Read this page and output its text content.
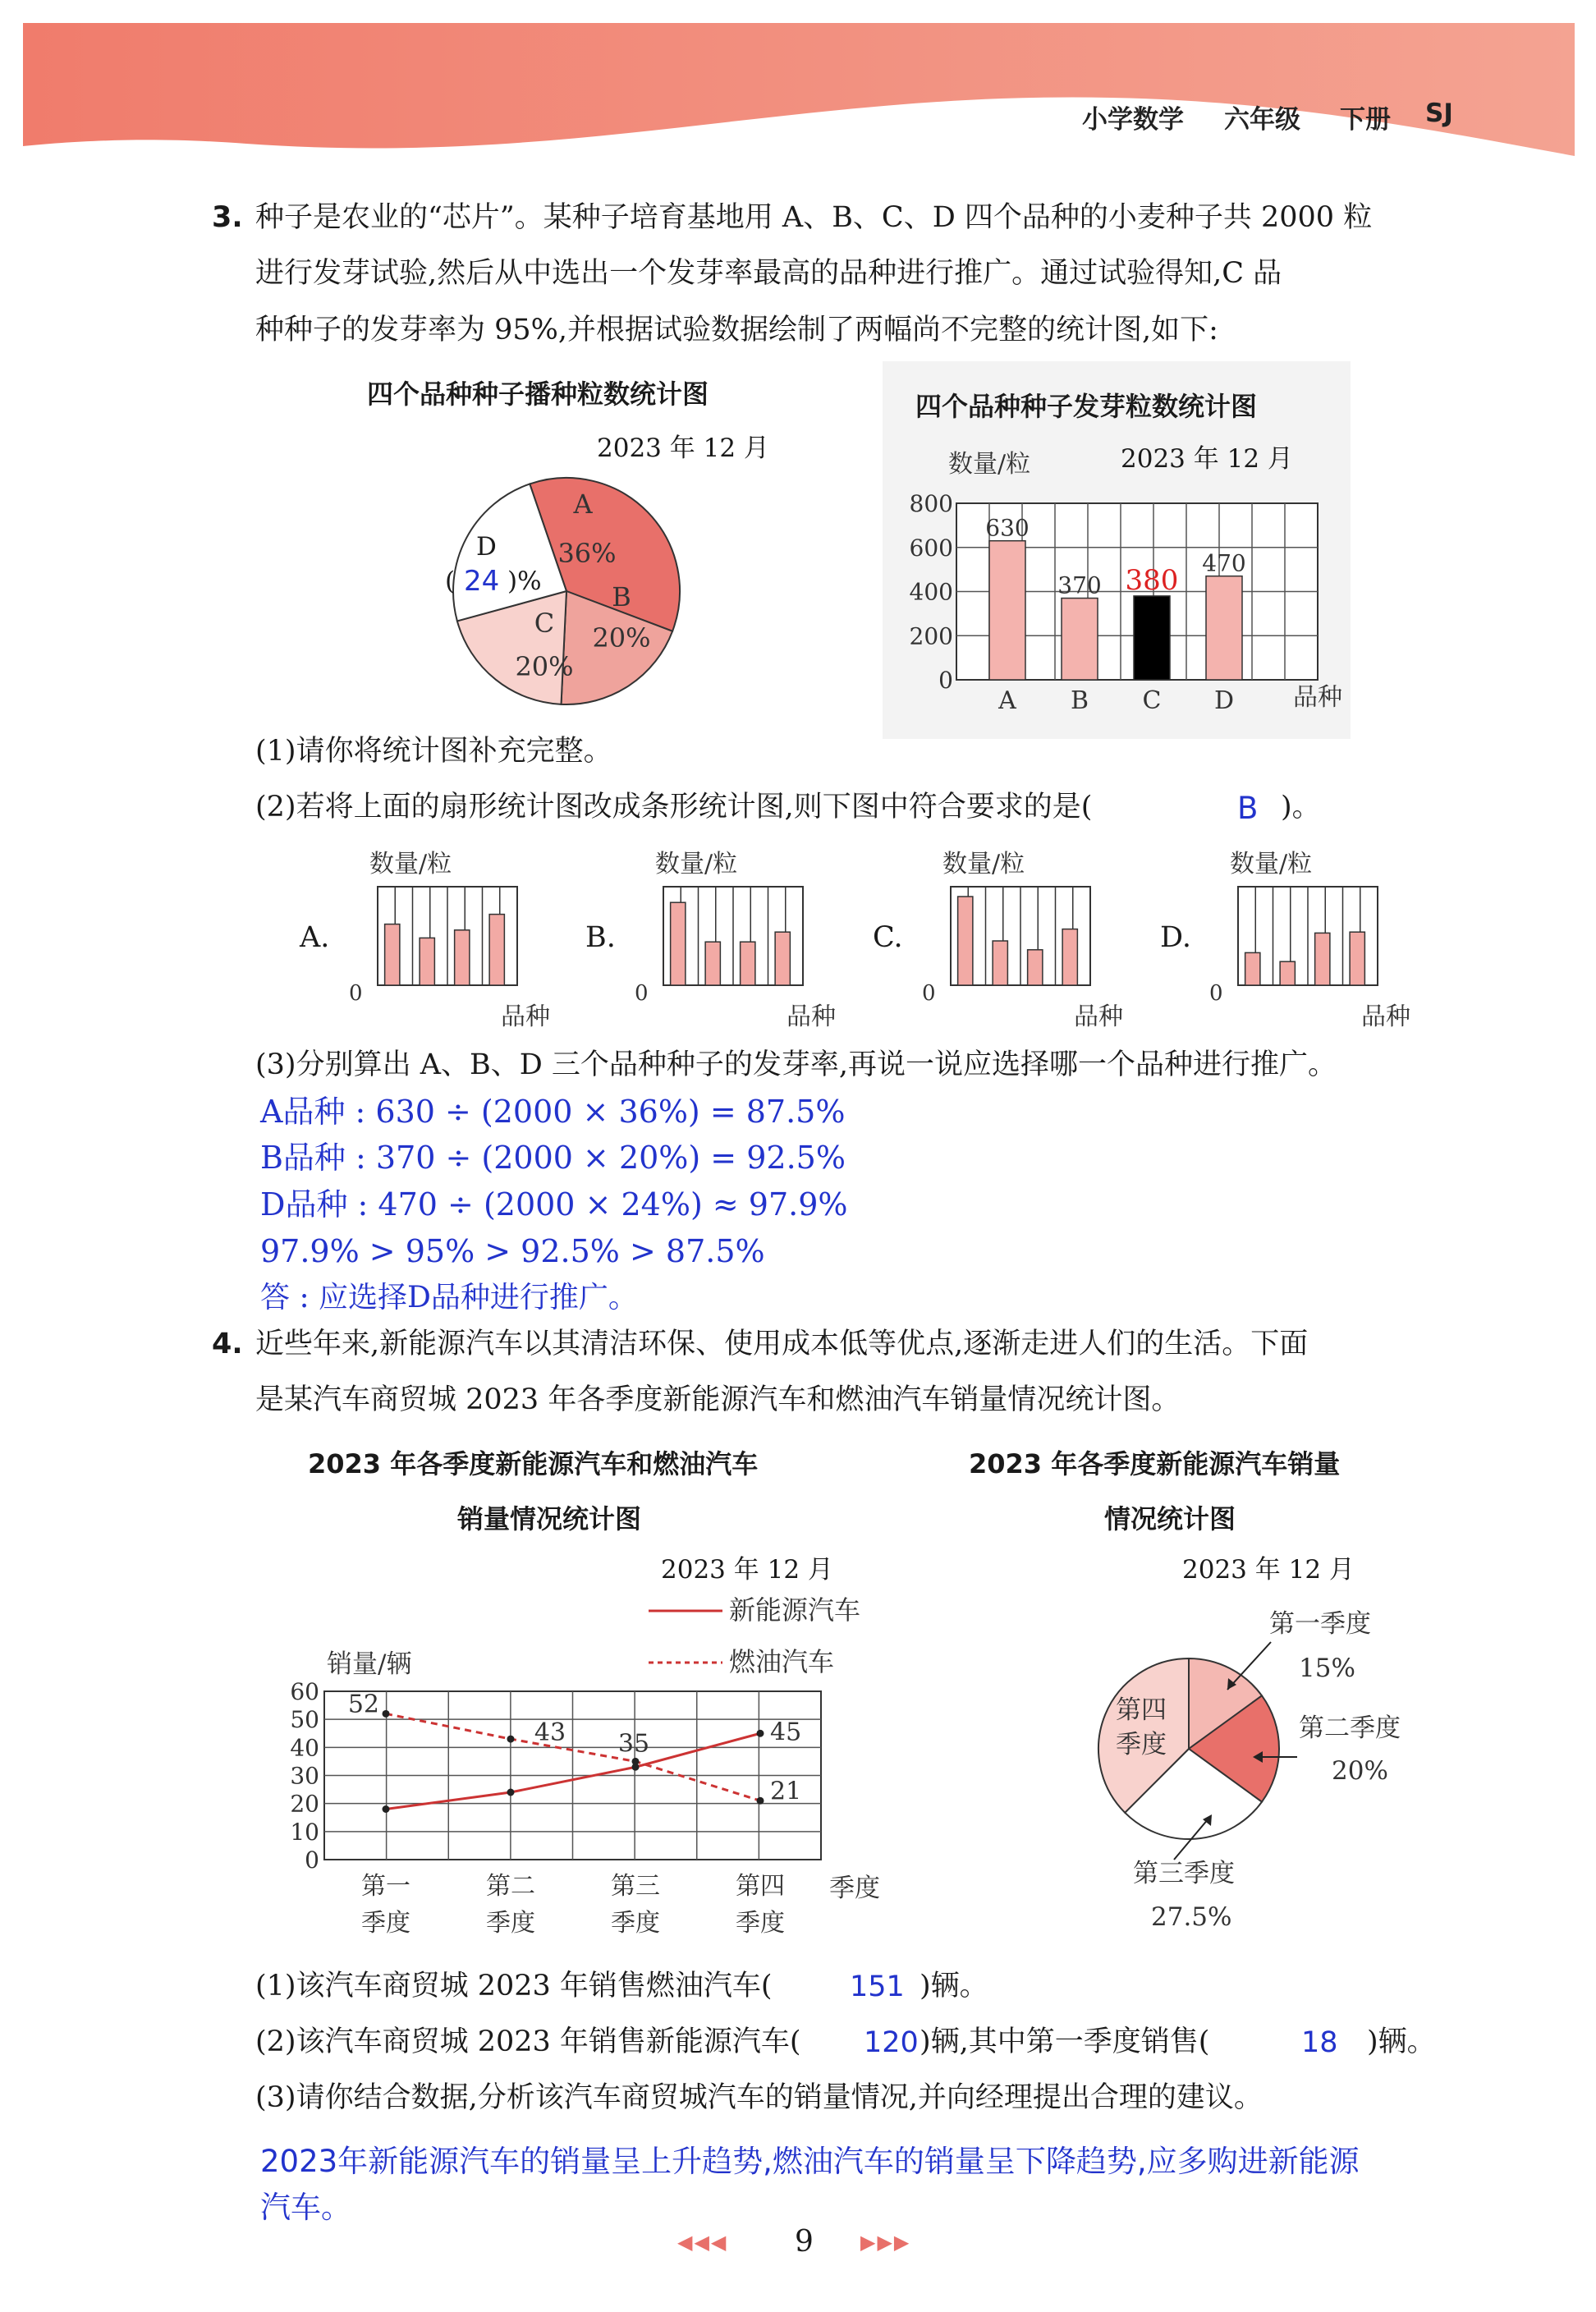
小学数学 六年级 下册 SJ
3. 种子是农业的“芯片”。某种子培育基地用 A、B、C、D 四个品种的小麦种子共 2000 粒
进行发芽试验,然后从中选出一个发芽率最高的品种进行推广。通过试验得知,C 品
种种子的发芽率为 95%,并根据试验数据绘制了两幅尚不完整的统计图,如下:
四个品种种子播种粒数统计图
2023 年 12 月
A
36%
B
20%
C
20%
D
( 24 )%
四个品种种子发芽粒数统计图
2023 年 12 月
0
200
400
600
800
数量/粒
品种
630
A
370
B
380
C
470
D
(1)请你将统计图补充完整。
(2)若将上面的扇形统计图改成条形统计图,则下图中符合要求的是(	B )。
A.
数量/粒
0
品种
B.
数量/粒
0
品种
C.
数量/粒
0
品种
D.
数量/粒
0
品种
(3)分别算出 A、B、D 三个品种种子的发芽率,再说一说应选择哪一个品种进行推广。
A品种 : 630 ÷ (2000 × 36%) = 87.5%
B品种 : 370 ÷ (2000 × 20%) = 92.5%
D品种 : 470 ÷ (2000 × 24%) ≈ 97.9%
97.9% > 95% > 92.5% > 87.5%
答 : 应选择D品种进行推广。
4. 近些年来,新能源汽车以其清洁环保、使用成本低等优点,逐渐走进人们的生活。下面
是某汽车商贸城 2023 年各季度新能源汽车和燃油汽车销量情况统计图。
2023 年各季度新能源汽车和燃油汽车
销量情况统计图
2023 年 12 月
2023 年各季度新能源汽车销量
情况统计图
2023 年 12 月
0
10
20
30
40
50
60
销量/辆
季度
第一
季度
第二
季度
第三
季度
第四
季度
新能源汽车
燃油汽车
45
52
43 35
21
第一季度
15%
第二季度
20%
第三季度
27.5%
第四
季度
(1)该汽车商贸城 2023 年销售燃油汽车(	151 )辆。
(2)该汽车商贸城 2023 年销售新能源汽车( 120 )辆,其中第一季度销售(	18 )辆。
(3)请你结合数据,分析该汽车商贸城汽车的销量情况,并向经理提出合理的建议。
2023年新能源汽车的销量呈上升趋势,燃油汽车的销量呈下降趋势,应多购进新能源
汽车。
◀◀◀ 9 ▶▶▶
